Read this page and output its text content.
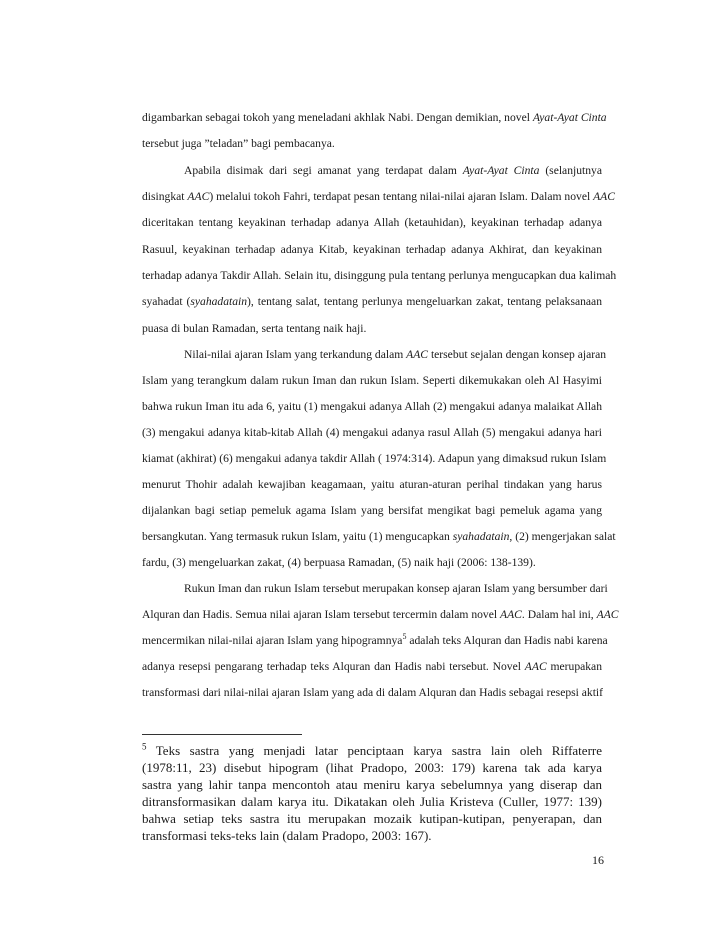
digambarkan sebagai tokoh yang meneladani akhlak Nabi. Dengan demikian, novel Ayat-Ayat Cinta
tersebut juga ”teladan” bagi pembacanya.
Apabila disimak dari segi amanat yang terdapat dalam Ayat-Ayat Cinta (selanjutnya
disingkat AAC) melalui tokoh Fahri, terdapat pesan tentang nilai-nilai ajaran Islam. Dalam novel AAC
diceritakan tentang keyakinan terhadap adanya Allah (ketauhidan), keyakinan terhadap adanya
Rasuul, keyakinan terhadap adanya Kitab, keyakinan terhadap adanya Akhirat, dan keyakinan
terhadap adanya Takdir Allah. Selain itu, disinggung pula tentang perlunya mengucapkan dua kalimah
syahadat (syahadatain), tentang salat, tentang perlunya mengeluarkan zakat, tentang pelaksanaan
puasa di bulan Ramadan, serta tentang naik haji.
Nilai-nilai ajaran Islam yang terkandung dalam AAC tersebut sejalan dengan konsep ajaran
Islam yang terangkum dalam rukun Iman dan rukun Islam. Seperti dikemukakan oleh Al Hasyimi
bahwa rukun Iman itu ada 6, yaitu (1) mengakui adanya Allah (2) mengakui adanya malaikat Allah
(3) mengakui adanya kitab-kitab Allah (4) mengakui adanya rasul Allah (5) mengakui adanya hari
kiamat (akhirat) (6) mengakui adanya takdir Allah ( 1974:314). Adapun yang dimaksud rukun Islam
menurut Thohir adalah kewajiban keagamaan, yaitu aturan-aturan perihal tindakan yang harus
dijalankan bagi setiap pemeluk agama Islam yang bersifat mengikat bagi pemeluk agama yang
bersangkutan. Yang termasuk rukun Islam, yaitu (1) mengucapkan syahadatain, (2) mengerjakan salat
fardu, (3) mengeluarkan zakat, (4) berpuasa Ramadan, (5) naik haji (2006: 138-139).
Rukun Iman dan rukun Islam tersebut merupakan konsep ajaran Islam yang bersumber dari
Alquran dan Hadis. Semua nilai ajaran Islam tersebut tercermin dalam novel AAC. Dalam hal ini, AAC
mencermikan nilai-nilai ajaran Islam yang hipogramnya$^5$ adalah teks Alquran dan Hadis nabi karena
adanya resepsi pengarang terhadap teks Alquran dan Hadis nabi tersebut. Novel AAC merupakan
transformasi dari nilai-nilai ajaran Islam yang ada di dalam Alquran dan Hadis sebagai resepsi aktif
$^5$ Teks sastra yang menjadi latar penciptaan karya sastra lain oleh Riffaterre
(1978:11, 23) disebut hipogram (lihat Pradopo, 2003: 179) karena tak ada karya
sastra yang lahir tanpa mencontoh atau meniru karya sebelumnya yang diserap dan
ditransformasikan dalam karya itu. Dikatakan oleh Julia Kristeva (Culler, 1977: 139)
bahwa setiap teks sastra itu merupakan mozaik kutipan-kutipan, penyerapan, dan
transformasi teks-teks lain (dalam Pradopo, 2003: 167).
16
